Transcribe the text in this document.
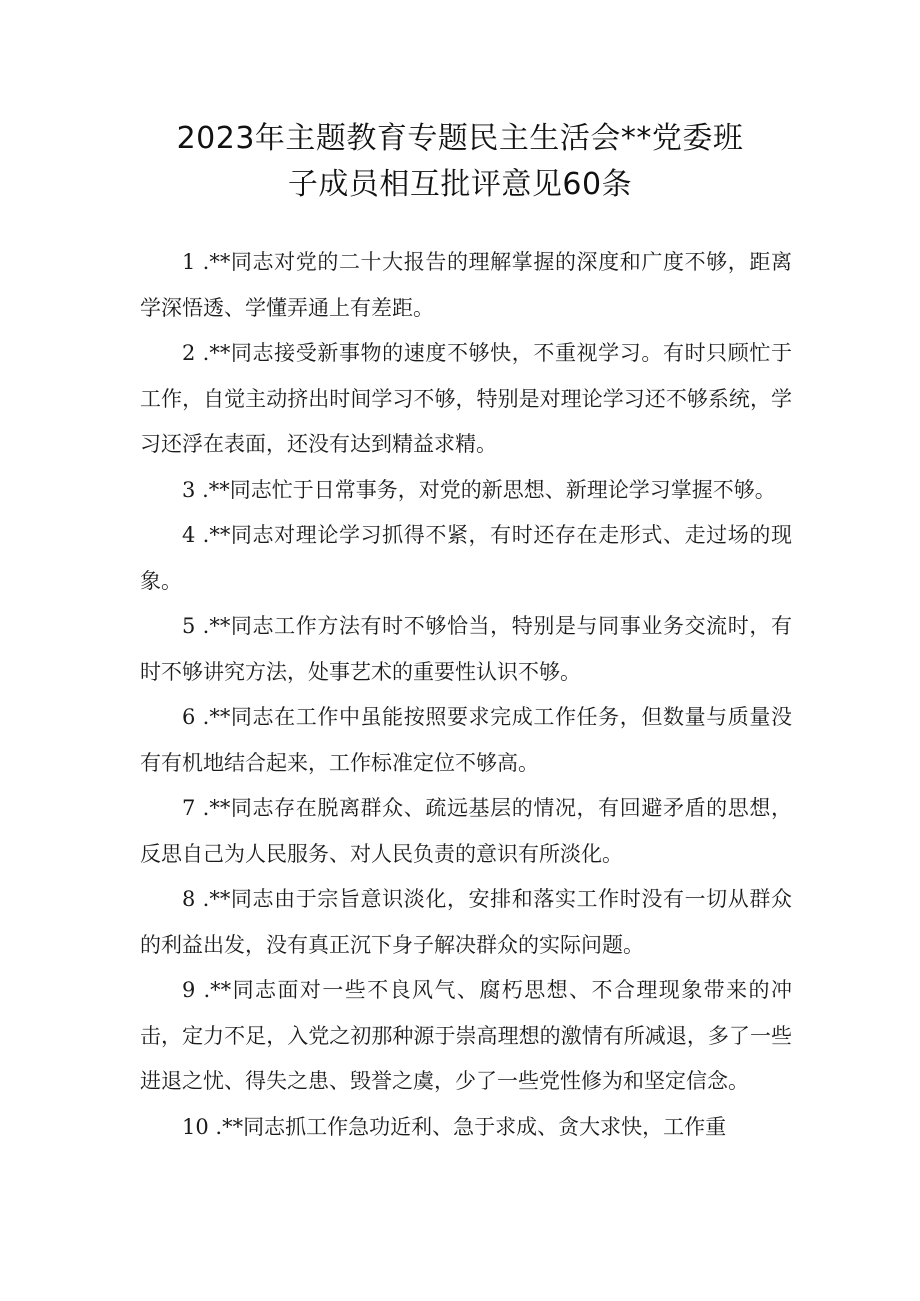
2023年主题教育专题民主生活会**党委班
子成员相互批评意见60条

1 .**同志对党的二十大报告的理解掌握的深度和广度不够，距离学深悟透、学懂弄通上有差距。

2 .**同志接受新事物的速度不够快，不重视学习。有时只顾忙于工作，自觉主动挤出时间学习不够，特别是对理论学习还不够系统，学习还浮在表面，还没有达到精益求精。

3 .**同志忙于日常事务，对党的新思想、新理论学习掌握不够。

4 .**同志对理论学习抓得不紧，有时还存在走形式、走过场的现象。

5 .**同志工作方法有时不够恰当，特别是与同事业务交流时，有时不够讲究方法，处事艺术的重要性认识不够。

6 .**同志在工作中虽能按照要求完成工作任务，但数量与质量没有有机地结合起来，工作标准定位不够高。

7 .**同志存在脱离群众、疏远基层的情况，有回避矛盾的思想，反思自己为人民服务、对人民负责的意识有所淡化。

8 .**同志由于宗旨意识淡化，安排和落实工作时没有一切从群众的利益出发，没有真正沉下身子解决群众的实际问题。

9 .**同志面对一些不良风气、腐朽思想、不合理现象带来的冲击，定力不足，入党之初那种源于崇高理想的激情有所减退，多了一些进退之忧、得失之患、毁誉之虞，少了一些党性修为和坚定信念。

10 .**同志抓工作急功近利、急于求成、贪大求快，工作重
